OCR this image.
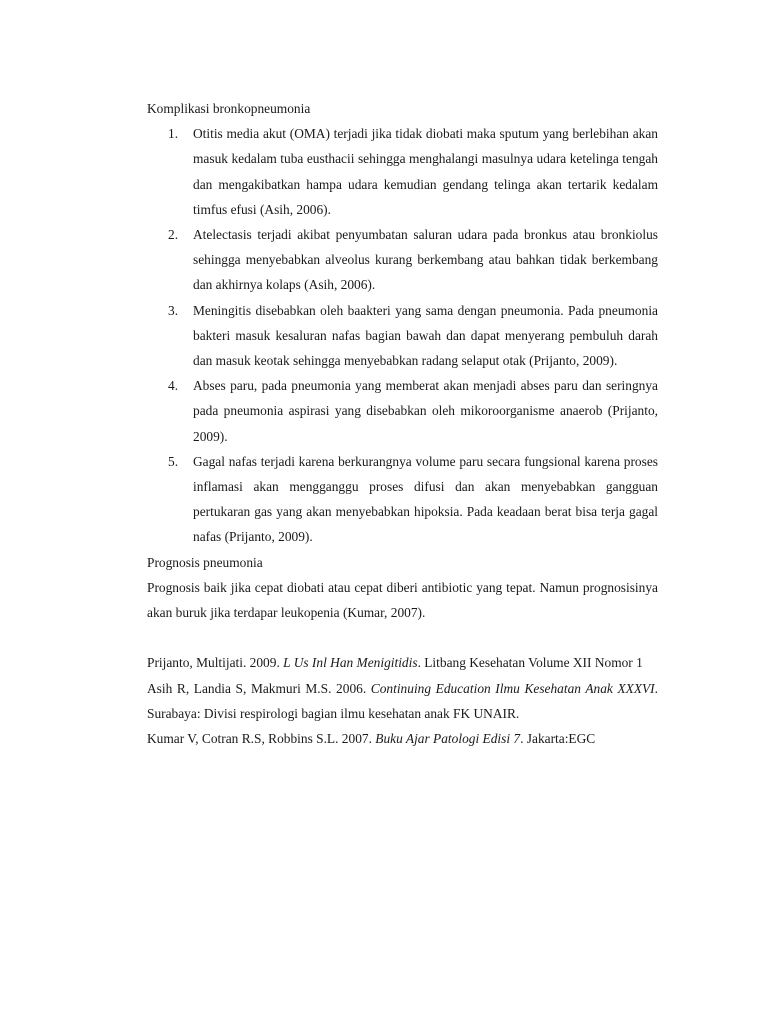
Komplikasi bronkopneumonia

1. Otitis media akut (OMA) terjadi jika tidak diobati maka sputum yang berlebihan akan masuk kedalam tuba eusthacii sehingga menghalangi masulnya udara ketelinga tengah dan mengakibatkan hampa udara kemudian gendang telinga akan tertarik kedalam timfus efusi (Asih, 2006).
2. Atelectasis terjadi akibat penyumbatan saluran udara pada bronkus atau bronkiolus sehingga menyebabkan alveolus kurang berkembang atau bahkan tidak berkembang dan akhirnya kolaps (Asih, 2006).
3. Meningitis disebabkan oleh baakteri yang sama dengan pneumonia. Pada pneumonia bakteri masuk kesaluran nafas bagian bawah dan dapat menyerang pembuluh darah dan masuk keotak sehingga menyebabkan radang selaput otak (Prijanto, 2009).
4. Abses paru, pada pneumonia yang memberat akan menjadi abses paru dan seringnya pada pneumonia aspirasi yang disebabkan oleh mikoroorganisme anaerob (Prijanto, 2009).
5. Gagal nafas terjadi karena berkurangnya volume paru secara fungsional karena proses inflamasi akan mengganggu proses difusi dan akan menyebabkan gangguan pertukaran gas yang akan menyebabkan hipoksia. Pada keadaan berat bisa terja gagal nafas (Prijanto, 2009).

Prognosis pneumonia

Prognosis baik jika cepat diobati atau cepat diberi antibiotic yang tepat. Namun prognosisinya akan buruk jika terdapar leukopenia (Kumar, 2007).

Prijanto, Multijati. 2009. L Us Inl Han Menigitidis. Litbang Kesehatan Volume XII Nomor 1

Asih R, Landia S, Makmuri M.S. 2006. Continuing Education Ilmu Kesehatan Anak XXXVI. Surabaya: Divisi respirologi bagian ilmu kesehatan anak FK UNAIR.

Kumar V, Cotran R.S, Robbins S.L. 2007. Buku Ajar Patologi Edisi 7. Jakarta:EGC
